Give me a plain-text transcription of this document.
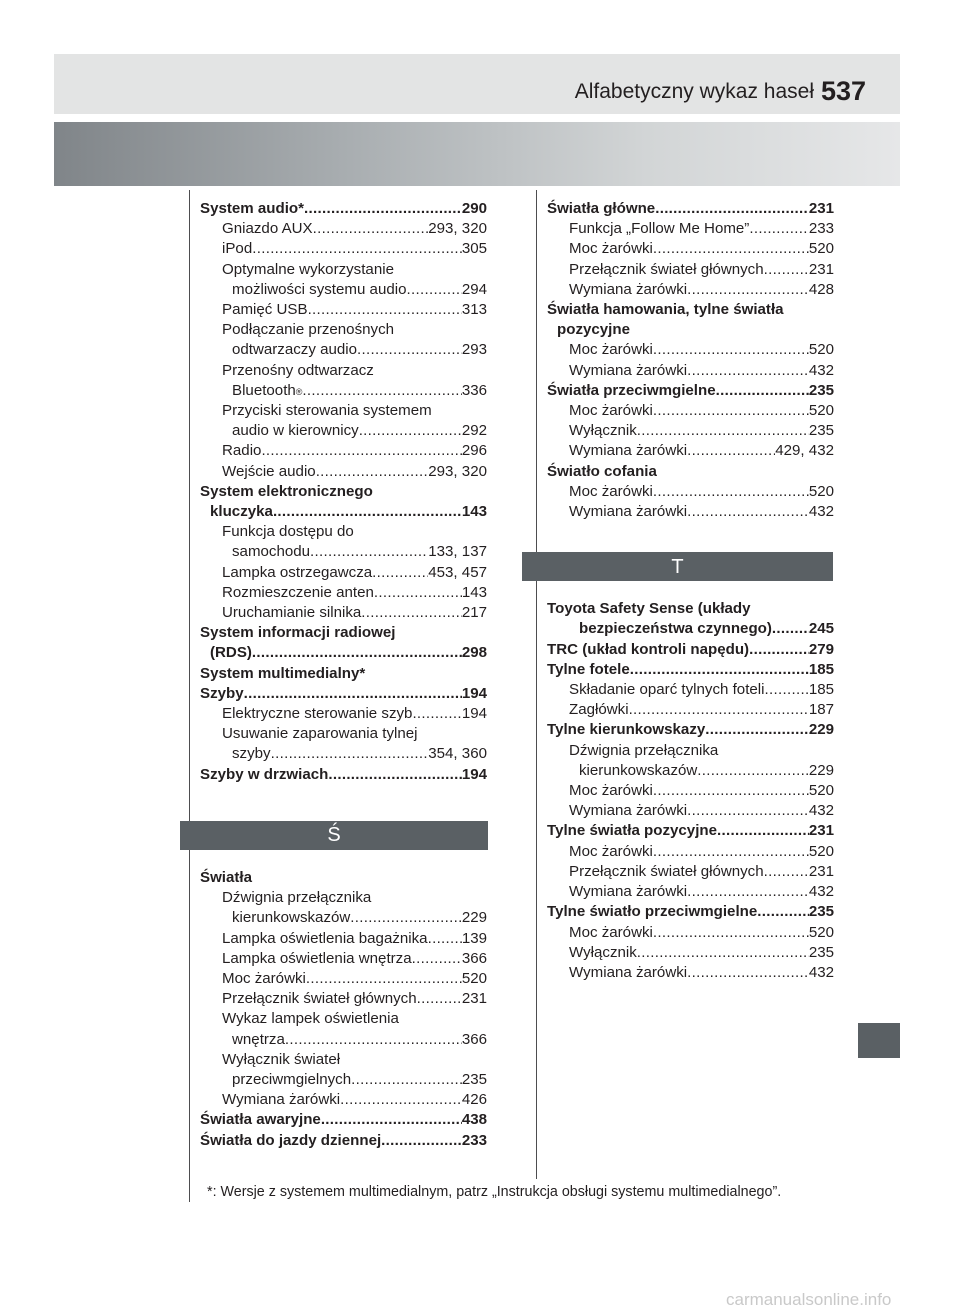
Alfabetyczny wykaz haseł 537
System audio* .....	290
Gniazdo AUX .....	293, 320
iPod .....	305
Optymalne wykorzystanie
możliwości systemu audio .....	294
Pamięć USB .....	313
Podłączanie przenośnych
odtwarzaczy audio .....	293
Przenośny odtwarzacz
Bluetooth ® .....	336
Przyciski sterowania systemem
audio w kierownicy .....	292
Radio .....	296
Wejście audio .....	293, 320
System elektronicznego
kluczyka .....	143
Funkcja dostępu do
samochodu .....	133, 137
Lampka ostrzegawcza .....	453, 457
Rozmieszczenie anten .....	143
Uruchamianie silnika .....	217
System informacji radiowej
(RDS) .....	298
System multimedialny*
Szyby .....	194
Elektryczne sterowanie szyb .....	194
Usuwanie zaparowania tylnej
szyby .....	354, 360
Szyby w drzwiach .....	194
Ś
Światła
Dźwignia przełącznika
kierunkowskazów .....	229
Lampka oświetlenia bagażnika ..... 139
Lampka oświetlenia wnętrza .....	366
Moc żarówki .....	520
Przełącznik świateł głównych .....	231
Wykaz lampek oświetlenia
wnętrza .....	366
Wyłącznik świateł
przeciwmgielnych .....	235
Wymiana żarówki .....	426
Światła awaryjne .....	438
Światła do jazdy dziennej .....	233
Światła główne .....	231
Funkcja „Follow Me Home” .....	233
Moc żarówki .....	520
Przełącznik świateł głównych .....	231
Wymiana żarówki .....	428
Światła hamowania, tylne światła
pozycyjne
Moc żarówki .....	520
Wymiana żarówki .....	432
Światła przeciwmgielne .....	235
Moc żarówki .....	520
Wyłącznik .....	235
Wymiana żarówki .....	429, 432
Światło cofania
Moc żarówki .....	520
Wymiana żarówki .....	432
T
Toyota Safety Sense (układy
bezpieczeństwa czynnego) ..... 245
TRC (układ kontroli napędu) .....	279
Tylne fotele .....	185
Składanie oparć tylnych foteli .....	185
Zagłówki .....	187
Tylne kierunkowskazy .....	229
Dźwignia przełącznika
kierunkowskazów .....	229
Moc żarówki .....	520
Wymiana żarówki .....	432
Tylne światła pozycyjne .....	231
Moc żarówki .....	520
Przełącznik świateł głównych .....	231
Wymiana żarówki .....	432
Tylne światło przeciwmgielne .....	235
Moc żarówki .....	520
Wyłącznik .....	235
Wymiana żarówki .....	432
*: Wersje z systemem multimedialnym, patrz „Instrukcja obsługi systemu multimedialnego”.
carmanualsonline.info
